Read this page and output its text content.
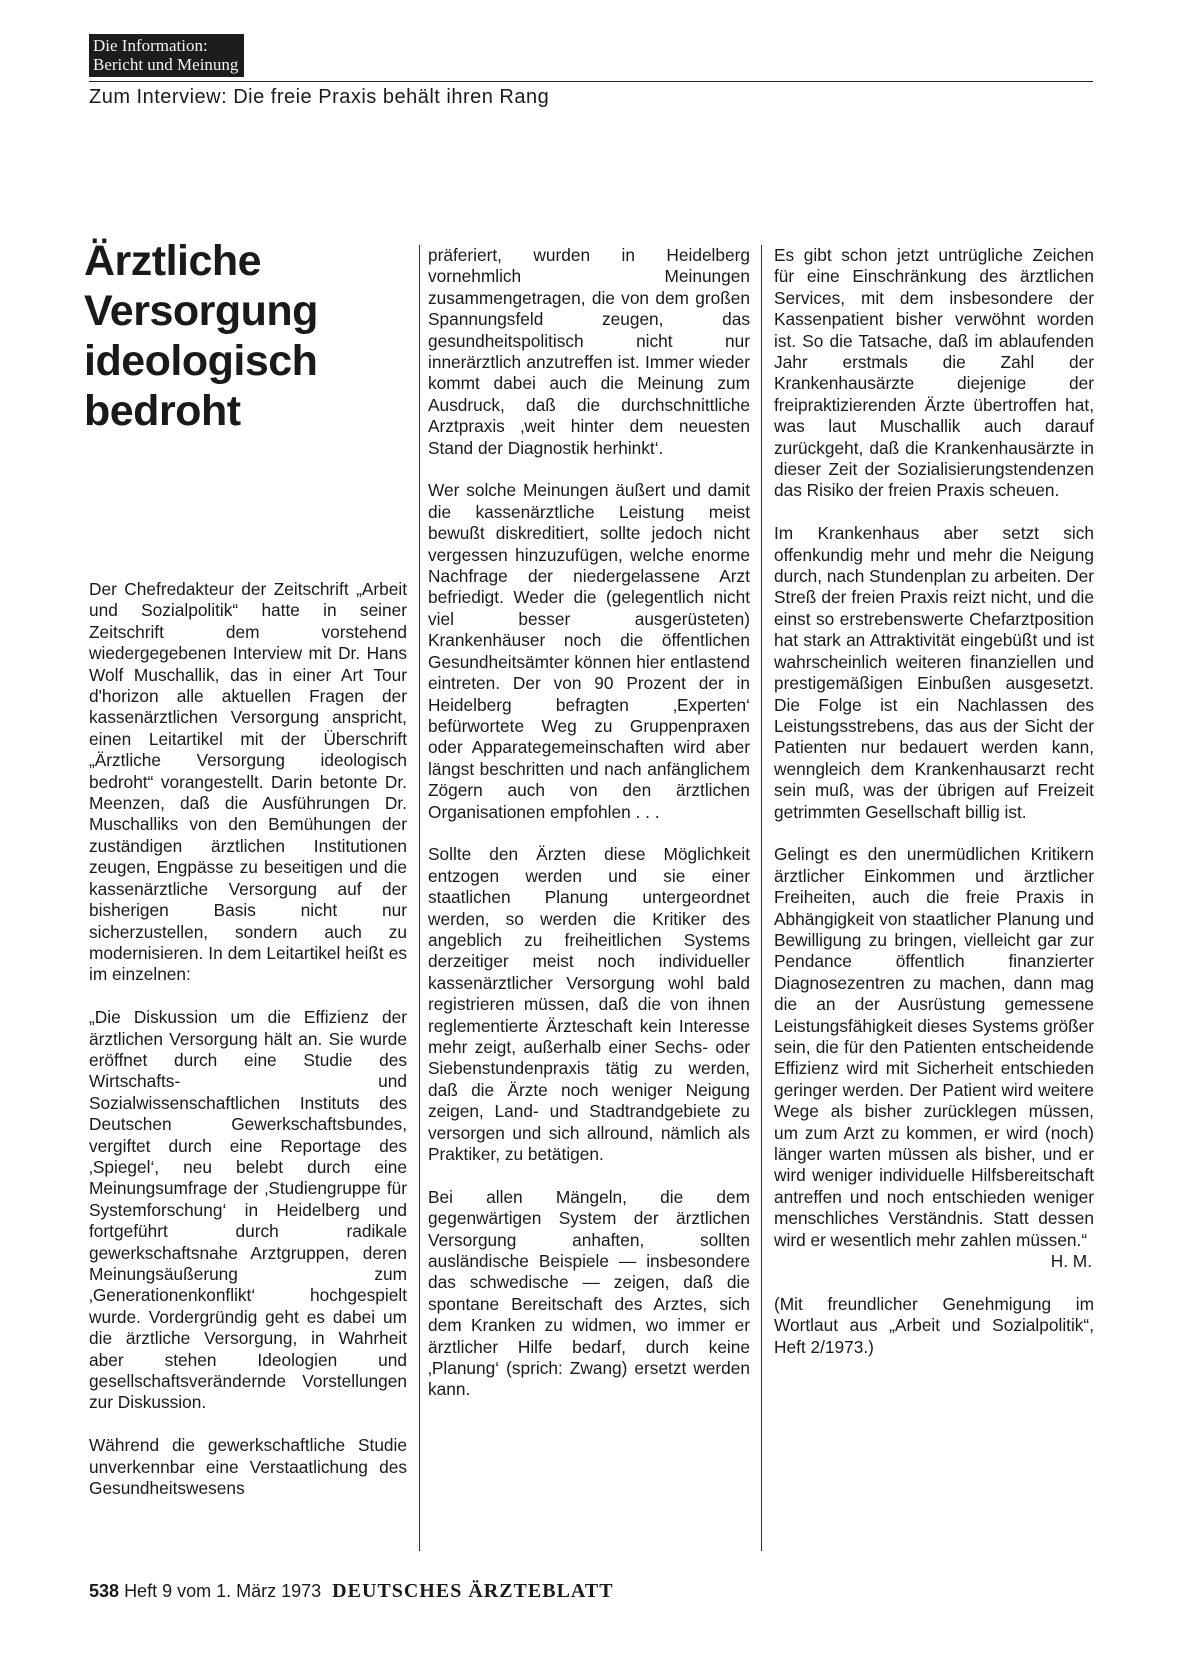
Die Information:
Bericht und Meinung
Zum Interview: Die freie Praxis behält ihren Rang
Ärztliche Versorgung ideologisch bedroht

Der Chefredakteur der Zeitschrift „Arbeit und Sozialpolitik“ hatte in seiner Zeitschrift dem vorstehend wiedergegebenen Interview mit Dr. Hans Wolf Muschallik, das in einer Art Tour d'horizon alle aktuellen Fragen der kassenärztlichen Versorgung anspricht, einen Leitartikel mit der Überschrift „Ärztliche Versorgung ideologisch bedroht“ vorangestellt. Darin betonte Dr. Meenzen, daß die Ausführungen Dr. Muschalliks von den Bemühungen der zuständigen ärztlichen Institutionen zeugen, Engpässe zu beseitigen und die kassenärztliche Versorgung auf der bisherigen Basis nicht nur sicherzustellen, sondern auch zu modernisieren. In dem Leitartikel heißt es im einzelnen:

„Die Diskussion um die Effizienz der ärztlichen Versorgung hält an. Sie wurde eröffnet durch eine Studie des Wirtschafts- und Sozialwissenschaftlichen Instituts des Deutschen Gewerkschaftsbundes, vergiftet durch eine Reportage des ‚Spiegel‘, neu belebt durch eine Meinungsumfrage der ‚Studiengruppe für Systemforschung‘ in Heidelberg und fortgeführt durch radikale gewerkschaftsnahe Arztgruppen, deren Meinungsäußerung zum ‚Generationenkonflikt‘ hochgespielt wurde. Vordergründig geht es dabei um die ärztliche Versorgung, in Wahrheit aber stehen Ideologien und gesellschaftsverändernde Vorstellungen zur Diskussion.

Während die gewerkschaftliche Studie unverkennbar eine Verstaatlichung des Gesundheitswesens

präferiert, wurden in Heidelberg vornehmlich Meinungen zusammengetragen, die von dem großen Spannungsfeld zeugen, das gesundheitspolitisch nicht nur innerärztlich anzutreffen ist. Immer wieder kommt dabei auch die Meinung zum Ausdruck, daß die durchschnittliche Arztpraxis ‚weit hinter dem neuesten Stand der Diagnostik herhinkt‘.

Wer solche Meinungen äußert und damit die kassenärztliche Leistung meist bewußt diskreditiert, sollte jedoch nicht vergessen hinzuzufügen, welche enorme Nachfrage der niedergelassene Arzt befriedigt. Weder die (gelegentlich nicht viel besser ausgerüsteten) Krankenhäuser noch die öffentlichen Gesundheitsämter können hier entlastend eintreten. Der von 90 Prozent der in Heidelberg befragten ‚Experten‘ befürwortete Weg zu Gruppenpraxen oder Apparategemeinschaften wird aber längst beschritten und nach anfänglichem Zögern auch von den ärztlichen Organisationen empfohlen . . .

Sollte den Ärzten diese Möglichkeit entzogen werden und sie einer staatlichen Planung untergeordnet werden, so werden die Kritiker des angeblich zu freiheitlichen Systems derzeitiger meist noch individueller kassenärztlicher Versorgung wohl bald registrieren müssen, daß die von ihnen reglementierte Ärzteschaft kein Interesse mehr zeigt, außerhalb einer Sechs- oder Siebenstundenpraxis tätig zu werden, daß die Ärzte noch weniger Neigung zeigen, Land- und Stadtrandgebiete zu versorgen und sich allround, nämlich als Praktiker, zu betätigen.

Bei allen Mängeln, die dem gegenwärtigen System der ärztlichen Versorgung anhaften, sollten ausländische Beispiele — insbesondere das schwedische — zeigen, daß die spontane Bereitschaft des Arztes, sich dem Kranken zu widmen, wo immer er ärztlicher Hilfe bedarf, durch keine ‚Planung‘ (sprich: Zwang) ersetzt werden kann.

Es gibt schon jetzt untrügliche Zeichen für eine Einschränkung des ärztlichen Services, mit dem insbesondere der Kassenpatient bisher verwöhnt worden ist. So die Tatsache, daß im ablaufenden Jahr erstmals die Zahl der Krankenhausärzte diejenige der freipraktizierenden Ärzte übertroffen hat, was laut Muschallik auch darauf zurückgeht, daß die Krankenhausärzte in dieser Zeit der Sozialisierungstendenzen das Risiko der freien Praxis scheuen.

Im Krankenhaus aber setzt sich offenkundig mehr und mehr die Neigung durch, nach Stundenplan zu arbeiten. Der Streß der freien Praxis reizt nicht, und die einst so erstrebenswerte Chefarztposition hat stark an Attraktivität eingebüßt und ist wahrscheinlich weiteren finanziellen und prestigemäßigen Einbußen ausgesetzt. Die Folge ist ein Nachlassen des Leistungsstrebens, das aus der Sicht der Patienten nur bedauert werden kann, wenngleich dem Krankenhausarzt recht sein muß, was der übrigen auf Freizeit getrimmten Gesellschaft billig ist.

Gelingt es den unermüdlichen Kritikern ärztlicher Einkommen und ärztlicher Freiheiten, auch die freie Praxis in Abhängigkeit von staatlicher Planung und Bewilligung zu bringen, vielleicht gar zur Pendance öffentlich finanzierter Diagnosezentren zu machen, dann mag die an der Ausrüstung gemessene Leistungsfähigkeit dieses Systems größer sein, die für den Patienten entscheidende Effizienz wird mit Sicherheit entschieden geringer werden. Der Patient wird weitere Wege als bisher zurücklegen müssen, um zum Arzt zu kommen, er wird (noch) länger warten müssen als bisher, und er wird weniger individuelle Hilfsbereitschaft antreffen und noch entschieden weniger menschliches Verständnis. Statt dessen wird er wesentlich mehr zahlen müssen.“

H. M.

(Mit freundlicher Genehmigung im Wortlaut aus „Arbeit und Sozialpolitik“, Heft 2/1973.)

538 Heft 9 vom 1. März 1973 DEUTSCHES ÄRZTEBLATT
